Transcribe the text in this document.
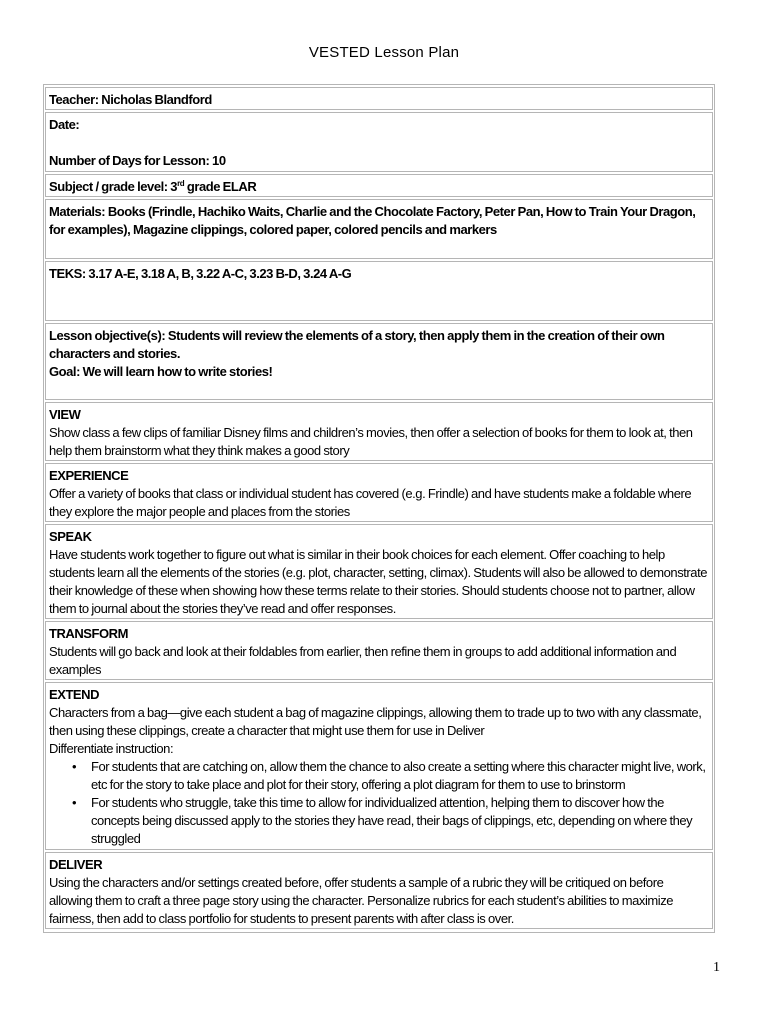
VESTED Lesson Plan
Teacher: Nicholas Blandford
Date:
Number of Days for Lesson: 10
Subject / grade level: 3rd grade ELAR
Materials: Books (Frindle, Hachiko Waits, Charlie and the Chocolate Factory, Peter Pan, How to Train Your Dragon, for examples), Magazine clippings, colored paper, colored pencils and markers
TEKS: 3.17 A-E, 3.18 A, B, 3.22 A-C, 3.23 B-D, 3.24 A-G
Lesson objective(s): Students will review the elements of a story, then apply them in the creation of their own characters and stories.
Goal: We will learn how to write stories!
VIEW
Show class a few clips of familiar Disney films and children’s movies, then offer a selection of books for them to look at, then help them brainstorm what they think makes a good story
EXPERIENCE
Offer a variety of books that class or individual student has covered (e.g. Frindle) and have students make a foldable where they explore the major people and places from the stories
SPEAK
Have students work together to figure out what is similar in their book choices for each element. Offer coaching to help students learn all the elements of the stories (e.g. plot, character, setting, climax). Students will also be allowed to demonstrate their knowledge of these when showing how these terms relate to their stories. Should students choose not to partner, allow them to journal about the stories they’ve read and offer responses.
TRANSFORM
Students will go back and look at their foldables from earlier, then refine them in groups to add additional information and examples
EXTEND
Characters from a bag—give each student a bag of magazine clippings, allowing them to trade up to two with any classmate, then using these clippings, create a character that might use them for use in Deliver
Differentiate instruction:
• For students that are catching on, allow them the chance to also create a setting where this character might live, work, etc for the story to take place and plot for their story, offering a plot diagram for them to use to brinstorm
• For students who struggle, take this time to allow for individualized attention, helping them to discover how the concepts being discussed apply to the stories they have read, their bags of clippings, etc, depending on where they struggled
DELIVER
Using the characters and/or settings created before, offer students a sample of a rubric they will be critiqued on before allowing them to craft a three page story using the character. Personalize rubrics for each student’s abilities to maximize fairness, then add to class portfolio for students to present parents with after class is over.
1
